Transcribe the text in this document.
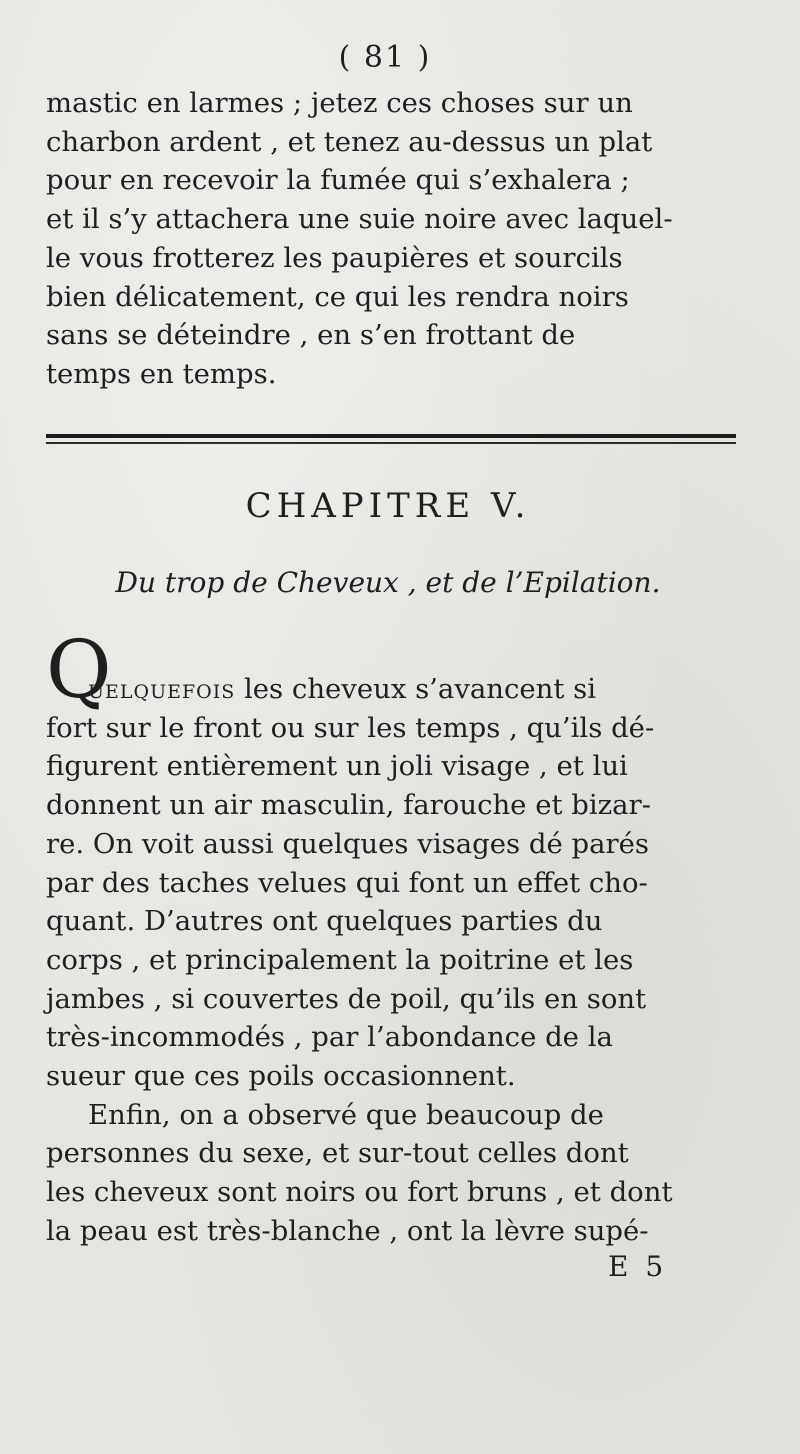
( 81 )

mastic en larmes ; jetez ces choses sur un
charbon ardent , et tenez au-dessus un plat
pour en recevoir la fumée qui s’exhalera ;
et il s’y attachera une suie noire avec laquel-
le vous frotterez les paupières et sourcils
bien délicatement, ce qui les rendra noirs
sans se déteindre , en s’en frottant de
temps en temps.

CHAPITRE V.
Du trop de Cheveux , et de l’Epilation.
Q

uelquefois les cheveux s’avancent si
fort sur le front ou sur les temps , qu’ils dé-
figurent entièrement un joli visage , et lui
donnent un air masculin, farouche et bizar-
re. On voit aussi quelques visages dé parés
par des taches velues qui font un effet cho-
quant. D’autres ont quelques parties du
corps , et principalement la poitrine et les
jambes , si couvertes de poil, qu’ils en sont
très-incommodés , par l’abondance de la
sueur que ces poils occasionnent.

Enfin, on a observé que beaucoup de
personnes du sexe, et sur-tout celles dont
les cheveux sont noirs ou fort bruns , et dont
la peau est très-blanche , ont la lèvre supé-

E 5
